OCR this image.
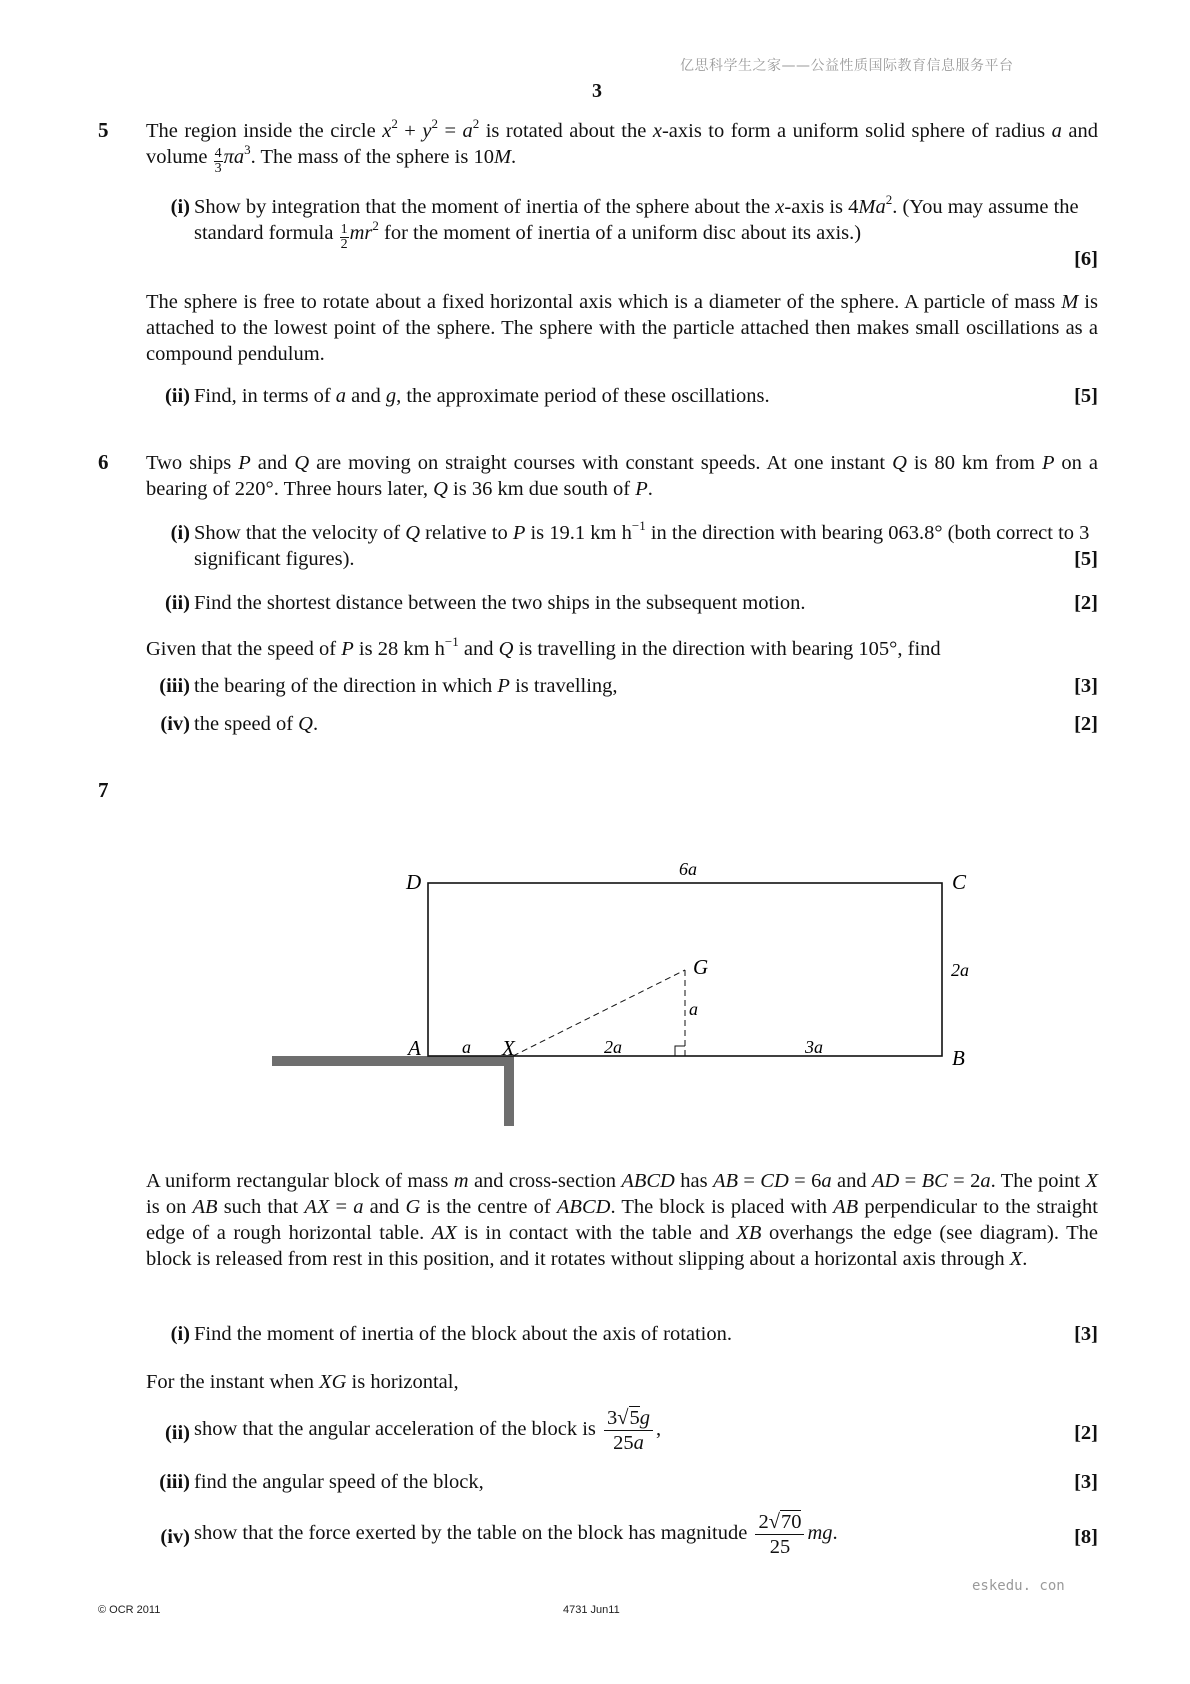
亿思科学生之家——公益性质国际教育信息服务平台
3
5 The region inside the circle $x^2 + y^2 = a^2$ is rotated about the x-axis to form a uniform solid sphere of radius a and volume $\frac{4}{3} \pi a^3$. The mass of the sphere is 10M.
(i) Show by integration that the moment of inertia of the sphere about the x-axis is 4Ma$^2$. (You may assume the standard formula $\frac{1}{2} mr^2$ for the moment of inertia of a uniform disc about its axis.)
[6]
The sphere is free to rotate about a fixed horizontal axis which is a diameter of the sphere. A particle of mass M is attached to the lowest point of the sphere. The sphere with the particle attached then makes small oscillations as a compound pendulum.
(ii) Find, in terms of a and g, the approximate period of these oscillations.	[5]
6 Two ships P and Q are moving on straight courses with constant speeds. At one instant Q is 80 km from P on a bearing of 220°. Three hours later, Q is 36 km due south of P.
(i) Show that the velocity of Q relative to P is 19.1 km $h^{-1}$ in the direction with bearing 063.8° (both correct to 3 significant figures).	[5]
(ii) Find the shortest distance between the two ships in the subsequent motion.	[2]
Given that the speed of P is 28 km $h^{-1}$ and Q is travelling in the direction with bearing 105°, find
(iii) the bearing of the direction in which P is travelling,	[3]
(iv) the speed of Q.	[2]
7
D	C
A	B
X
G
6a
2a
a	2a	3a
a
A uniform rectangular block of mass m and cross-section ABCD has AB = CD = 6a and AD = BC = 2a. The point X is on AB such that AX = a and G is the centre of ABCD. The block is placed with AB perpendicular to the straight edge of a rough horizontal table. AX is in contact with the table and XB overhangs the edge (see diagram). The block is released from rest in this position, and it rotates without slipping about a horizontal axis through X.
(i) Find the moment of inertia of the block about the axis of rotation.	[3]
For the instant when XG is horizontal,
(ii) show that the angular acceleration of the block is $\frac{3√5g}{25a}$ ,	[2]
(iii) find the angular speed of the block,	[3]
(iv) show that the force exerted by the table on the block has magnitude $\frac{2√70}{25}$ mg.	[8]
eskedu. con
© OCR 2011	4731 Jun11
